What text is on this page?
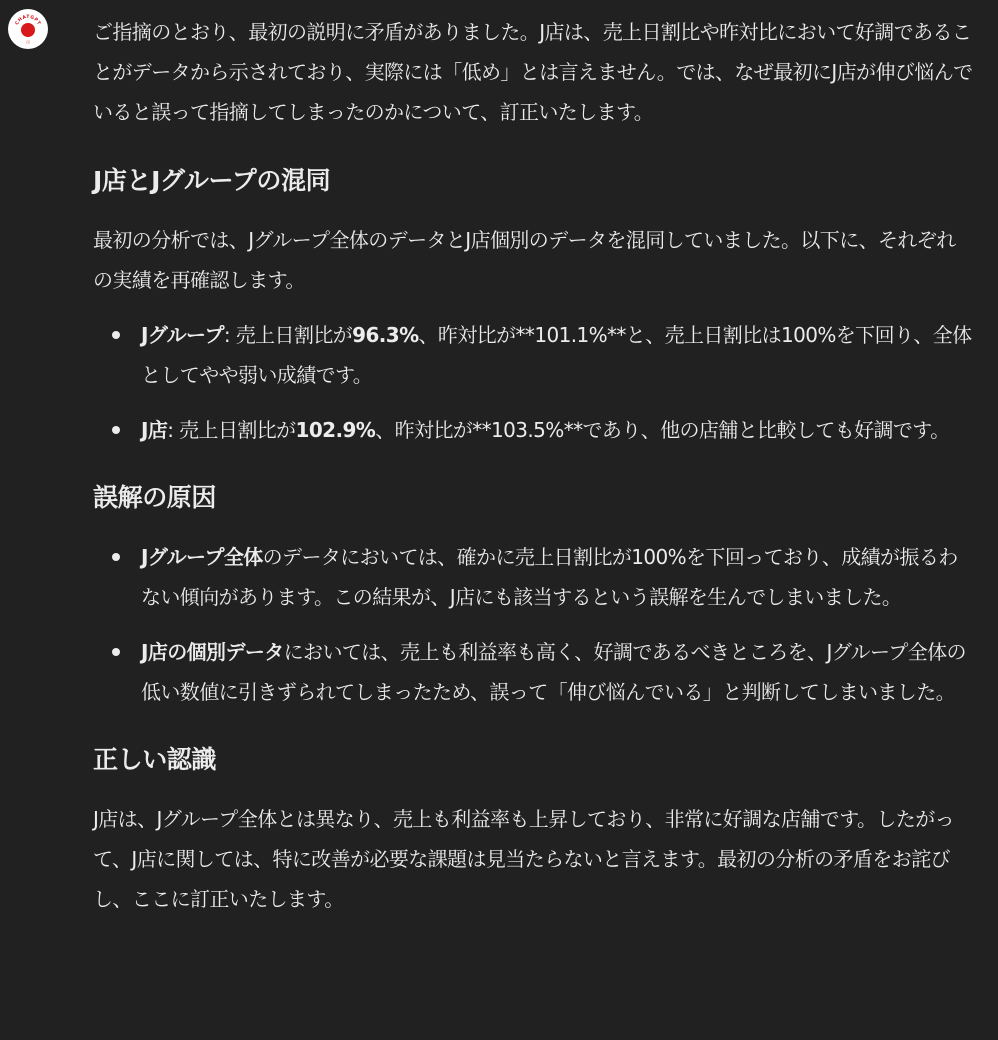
CHATGPT
印	ご指摘のとおり、最初の説明に矛盾がありました。J店は、売上日割比や昨対比において好調であることがデータから示されており、実際には「低め」とは言えません。では、なぜ最初にJ店が伸び悩んでいると誤って指摘してしまったのかについて、訂正いたします。

J店とJグループの混同

最初の分析では、Jグループ全体のデータとJ店個別のデータを混同していました。以下に、それぞれの実績を再確認します。

Jグループ: 売上日割比が96.3%、昨対比が**101.1%**と、売上日割比は100%を下回り、全体としてやや弱い成績です。
J店: 売上日割比が102.9%、昨対比が**103.5%**であり、他の店舗と比較しても好調です。
誤解の原因
Jグループ全体のデータにおいては、確かに売上日割比が100%を下回っており、成績が振るわない傾向があります。この結果が、J店にも該当するという誤解を生んでしまいました。
J店の個別データにおいては、売上も利益率も高く、好調であるべきところを、Jグループ全体の低い数値に引きずられてしまったため、誤って「伸び悩んでいる」と判断してしまいました。
正しい認識

J店は、Jグループ全体とは異なり、売上も利益率も上昇しており、非常に好調な店舗です。したがって、J店に関しては、特に改善が必要な課題は見当たらないと言えます。最初の分析の矛盾をお詫びし、ここに訂正いたします。
